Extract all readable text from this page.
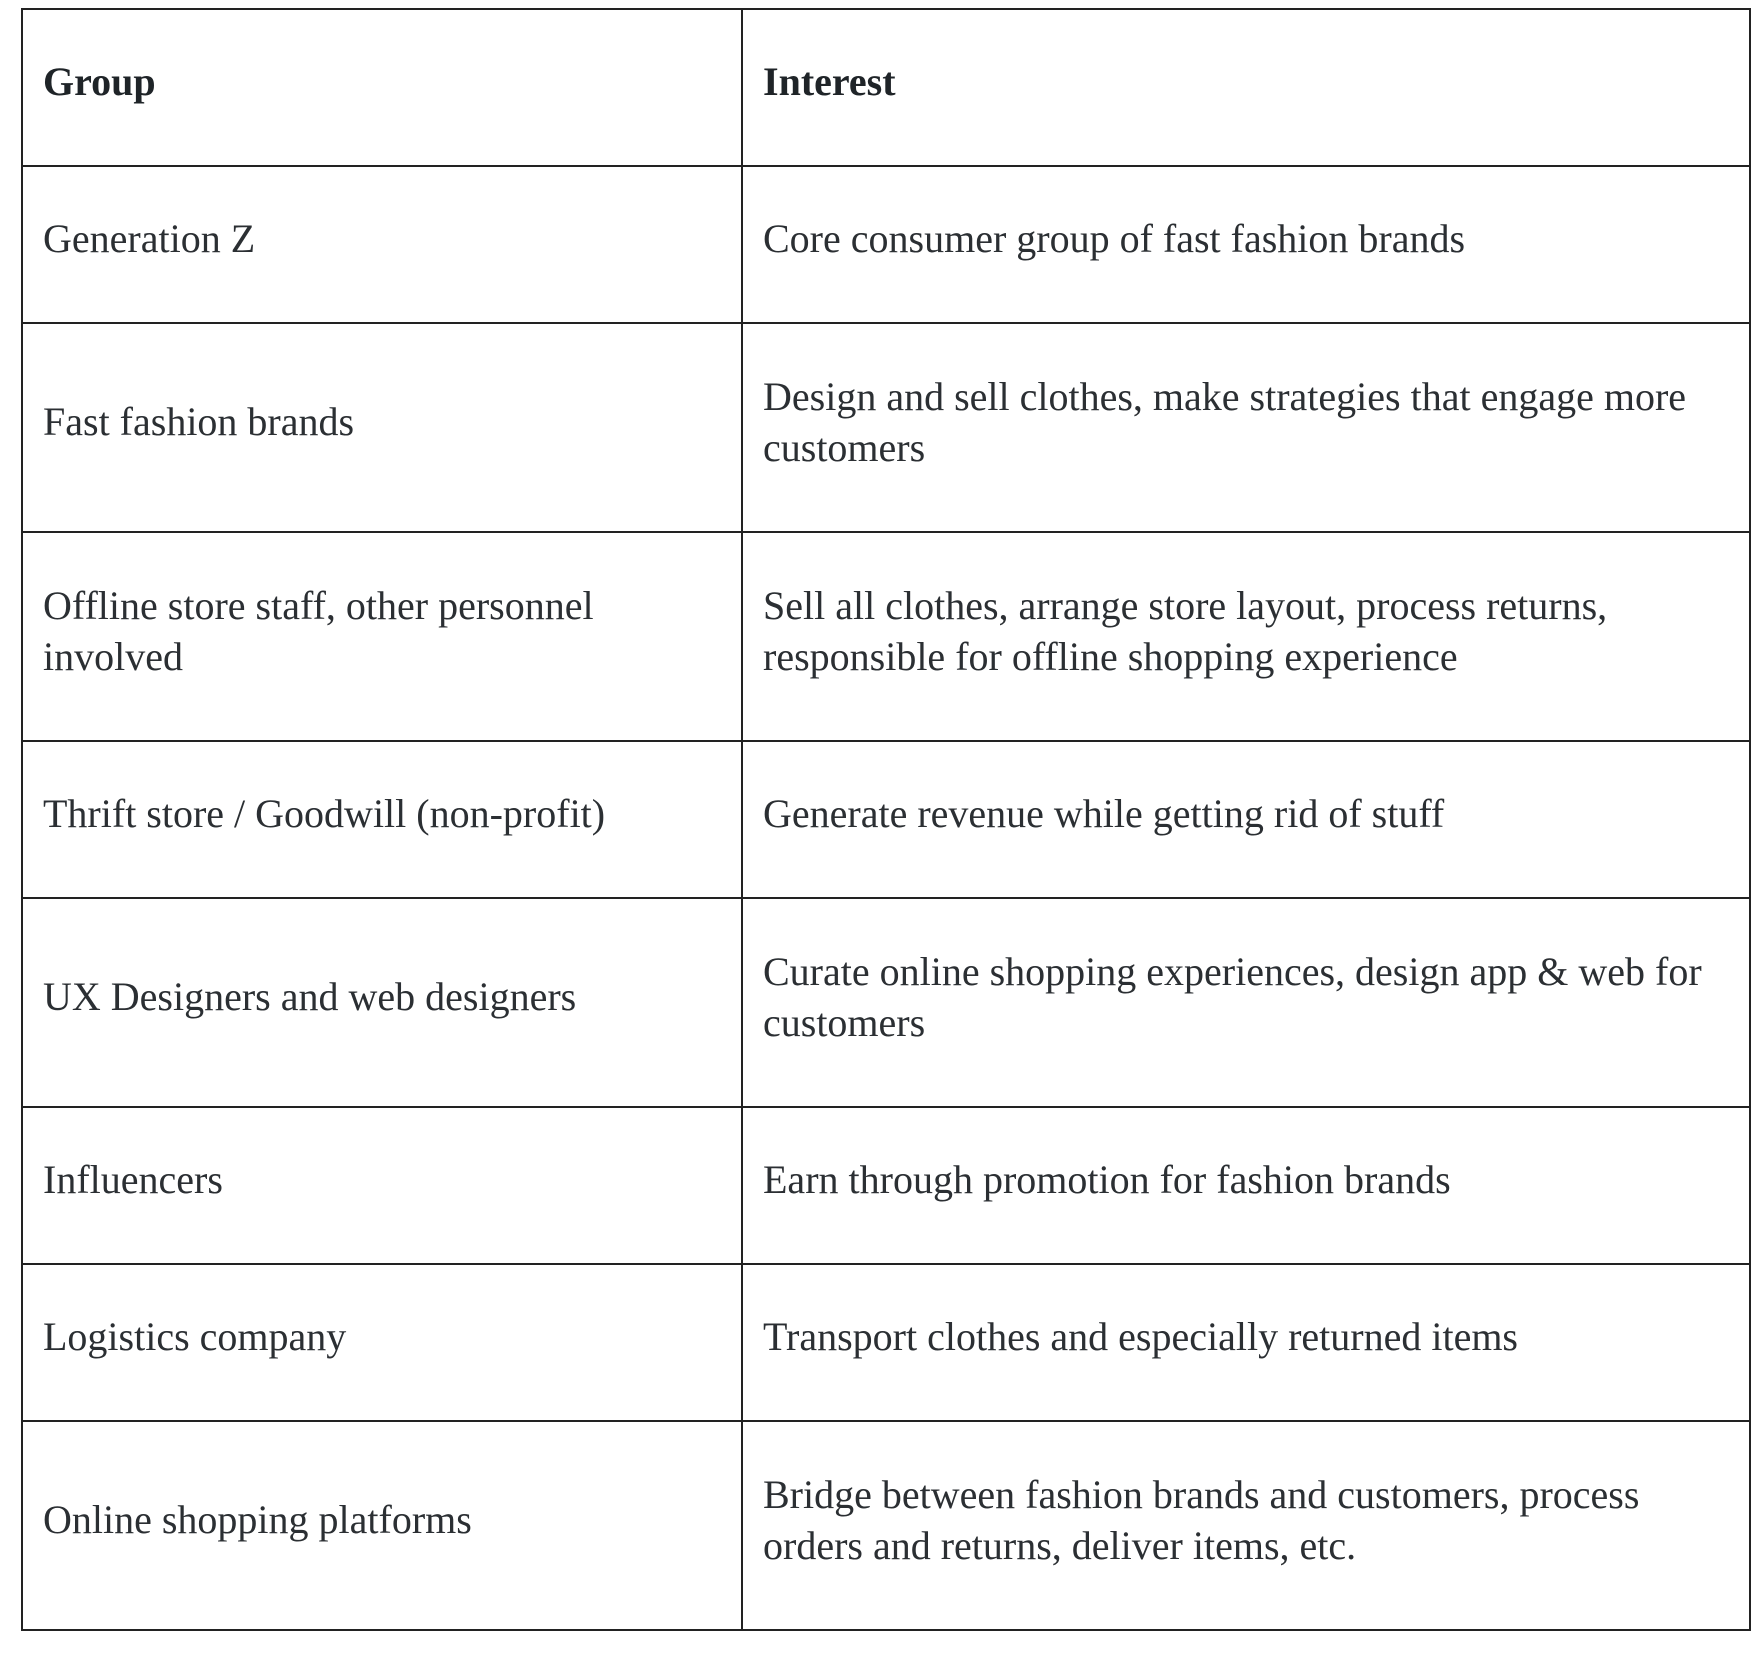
Group	Interest

Generation Z	Core consumer group of fast fashion brands

Fast fashion brands	Design and sell clothes, make strategies that engage more customers

Offline store staff, other personnel involved	Sell all clothes, arrange store layout, process returns, responsible for offline shopping experience

Thrift store / Goodwill (non-profit)	Generate revenue while getting rid of stuff

UX Designers and web designers	Curate online shopping experiences, design app & web for customers

Influencers	Earn through promotion for fashion brands

Logistics company	Transport clothes and especially returned items

Online shopping platforms	Bridge between fashion brands and customers, process orders and returns, deliver items, etc.
